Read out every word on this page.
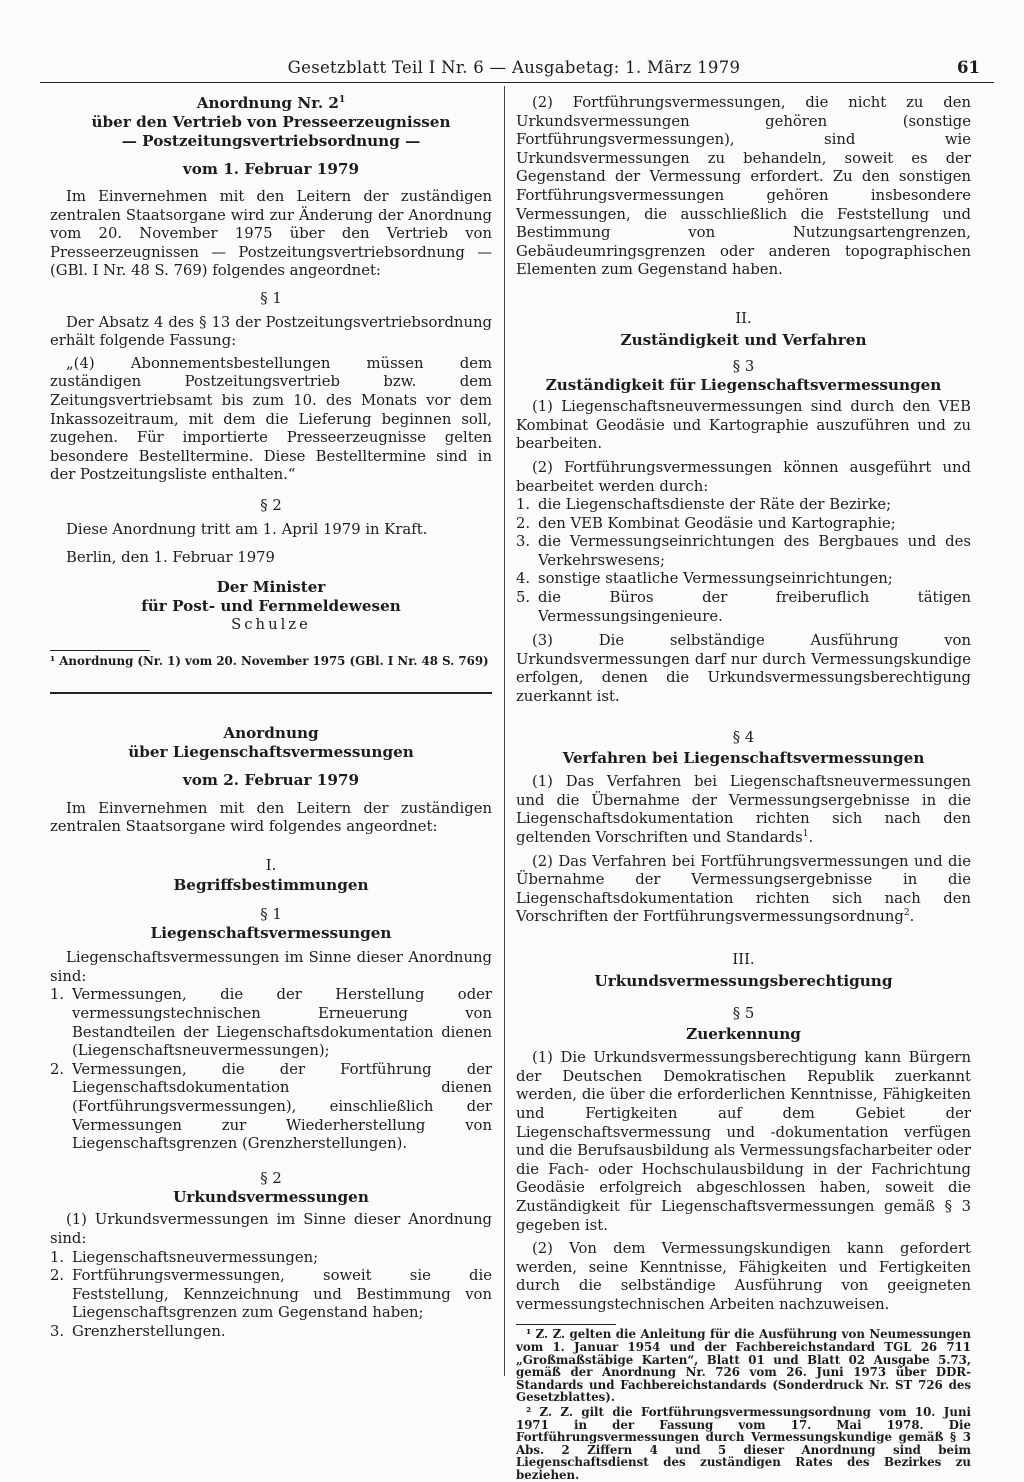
Gesetzblatt Teil I Nr. 6 — Ausgabetag: 1. März 1979	61
Anordnung Nr. $2^1$
über den Vertrieb von Presseerzeugnissen
— Postzeitungsvertriebsordnung —
vom 1. Februar 1979

Im Einvernehmen mit den Leitern der zuständigen zentralen Staatsorgane wird zur Änderung der Anordnung vom 20. November 1975 über den Vertrieb von Presseerzeugnissen — Postzeitungsvertriebsordnung — (GBl. I Nr. 48 S. 769) folgendes angeordnet:

§ 1

Der Absatz 4 des § 13 der Postzeitungsvertriebsordnung erhält folgende Fassung:

„(4) Abonnementsbestellungen müssen dem zuständigen Postzeitungsvertrieb bzw. dem Zeitungsvertriebsamt bis zum 10. des Monats vor dem Inkassozeitraum, mit dem die Lieferung beginnen soll, zugehen. Für importierte Presseerzeugnisse gelten besondere Bestelltermine. Diese Bestelltermine sind in der Postzeitungsliste enthalten.“

§ 2

Diese Anordnung tritt am 1. April 1979 in Kraft.

Berlin, den 1. Februar 1979

Der Minister
für Post- und Fernmeldewesen
Schulze

¹ Anordnung (Nr. 1) vom 20. November 1975 (GBl. I Nr. 48 S. 769)

Anordnung
über Liegenschaftsvermessungen
vom 2. Februar 1979

Im Einvernehmen mit den Leitern der zuständigen zentralen Staatsorgane wird folgendes angeordnet:

I.

Begriffsbestimmungen

§ 1

Liegenschaftsvermessungen

Liegenschaftsvermessungen im Sinne dieser Anordnung sind:

1. Vermessungen, die der Herstellung oder vermessungstechnischen Erneuerung von Bestandteilen der Liegenschaftsdokumentation dienen (Liegenschaftsneuvermessungen);
2. Vermessungen, die der Fortführung der Liegenschaftsdokumentation dienen (Fortführungsvermessungen), einschließlich der Vermessungen zur Wiederherstellung von Liegenschaftsgrenzen (Grenzherstellungen).

§ 2

Urkundsvermessungen

(1) Urkundsvermessungen im Sinne dieser Anordnung sind:

1. Liegenschaftsneuvermessungen;
2. Fortführungsvermessungen, soweit sie die Feststellung, Kennzeichnung und Bestimmung von Liegenschaftsgrenzen zum Gegenstand haben;
3. Grenzherstellungen.

(2) Fortführungsvermessungen, die nicht zu den Urkundsvermessungen gehören (sonstige Fortführungsvermessungen), sind wie Urkundsvermessungen zu behandeln, soweit es der Gegenstand der Vermessung erfordert. Zu den sonstigen Fortführungsvermessungen gehören insbesondere Vermessungen, die ausschließlich die Feststellung und Bestimmung von Nutzungsartengrenzen, Gebäudeumringsgrenzen oder anderen topographischen Elementen zum Gegenstand haben.

II.

Zuständigkeit und Verfahren

§ 3

Zuständigkeit für Liegenschaftsvermessungen

(1) Liegenschaftsneuvermessungen sind durch den VEB Kombinat Geodäsie und Kartographie auszuführen und zu bearbeiten.

(2) Fortführungsvermessungen können ausgeführt und bearbeitet werden durch:

1. die Liegenschaftsdienste der Räte der Bezirke;
2. den VEB Kombinat Geodäsie und Kartographie;
3. die Vermessungseinrichtungen des Bergbaues und des Verkehrswesens;
4. sonstige staatliche Vermessungseinrichtungen;
5. die Büros der freiberuflich tätigen Vermessungsingenieure.

(3) Die selbständige Ausführung von Urkundsvermessungen darf nur durch Vermessungskundige erfolgen, denen die Urkundsvermessungsberechtigung zuerkannt ist.

§ 4

Verfahren bei Liegenschaftsvermessungen

(1) Das Verfahren bei Liegenschaftsneuvermessungen und die Übernahme der Vermessungsergebnisse in die Liegenschaftsdokumentation richten sich nach den geltenden Vorschriften und Standards$^1$.

(2) Das Verfahren bei Fortführungsvermessungen und die Übernahme der Vermessungsergebnisse in die Liegenschaftsdokumentation richten sich nach den Vorschriften der Fortführungsvermessungsordnung$^2$.

III.

Urkundsvermessungsberechtigung

§ 5

Zuerkennung

(1) Die Urkundsvermessungsberechtigung kann Bürgern der Deutschen Demokratischen Republik zuerkannt werden, die über die erforderlichen Kenntnisse, Fähigkeiten und Fertigkeiten auf dem Gebiet der Liegenschaftsvermessung und -dokumentation verfügen und die Berufsausbildung als Vermessungsfacharbeiter oder die Fach- oder Hochschulausbildung in der Fachrichtung Geodäsie erfolgreich abgeschlossen haben, soweit die Zuständigkeit für Liegenschaftsvermessungen gemäß § 3 gegeben ist.

(2) Von dem Vermessungskundigen kann gefordert werden, seine Kenntnisse, Fähigkeiten und Fertigkeiten durch die selbständige Ausführung von geeigneten vermessungstechnischen Arbeiten nachzuweisen.

¹ Z. Z. gelten die Anleitung für die Ausführung von Neumessungen vom 1. Januar 1954 und der Fachbereichstandard TGL 26 711 „Großmaßstäbige Karten“, Blatt 01 und Blatt 02 Ausgabe 5.73, gemäß der Anordnung Nr. 726 vom 26. Juni 1973 über DDR-Standards und Fachbereichstandards (Sonderdruck Nr. ST 726 des Gesetzblattes).

² Z. Z. gilt die Fortführungsvermessungsordnung vom 10. Juni 1971 in der Fassung vom 17. Mai 1978. Die Fortführungsvermessungen durch Vermessungskundige gemäß § 3 Abs. 2 Ziffern 4 und 5 dieser Anordnung sind beim Liegenschaftsdienst des zuständigen Rates des Bezirkes zu beziehen.
